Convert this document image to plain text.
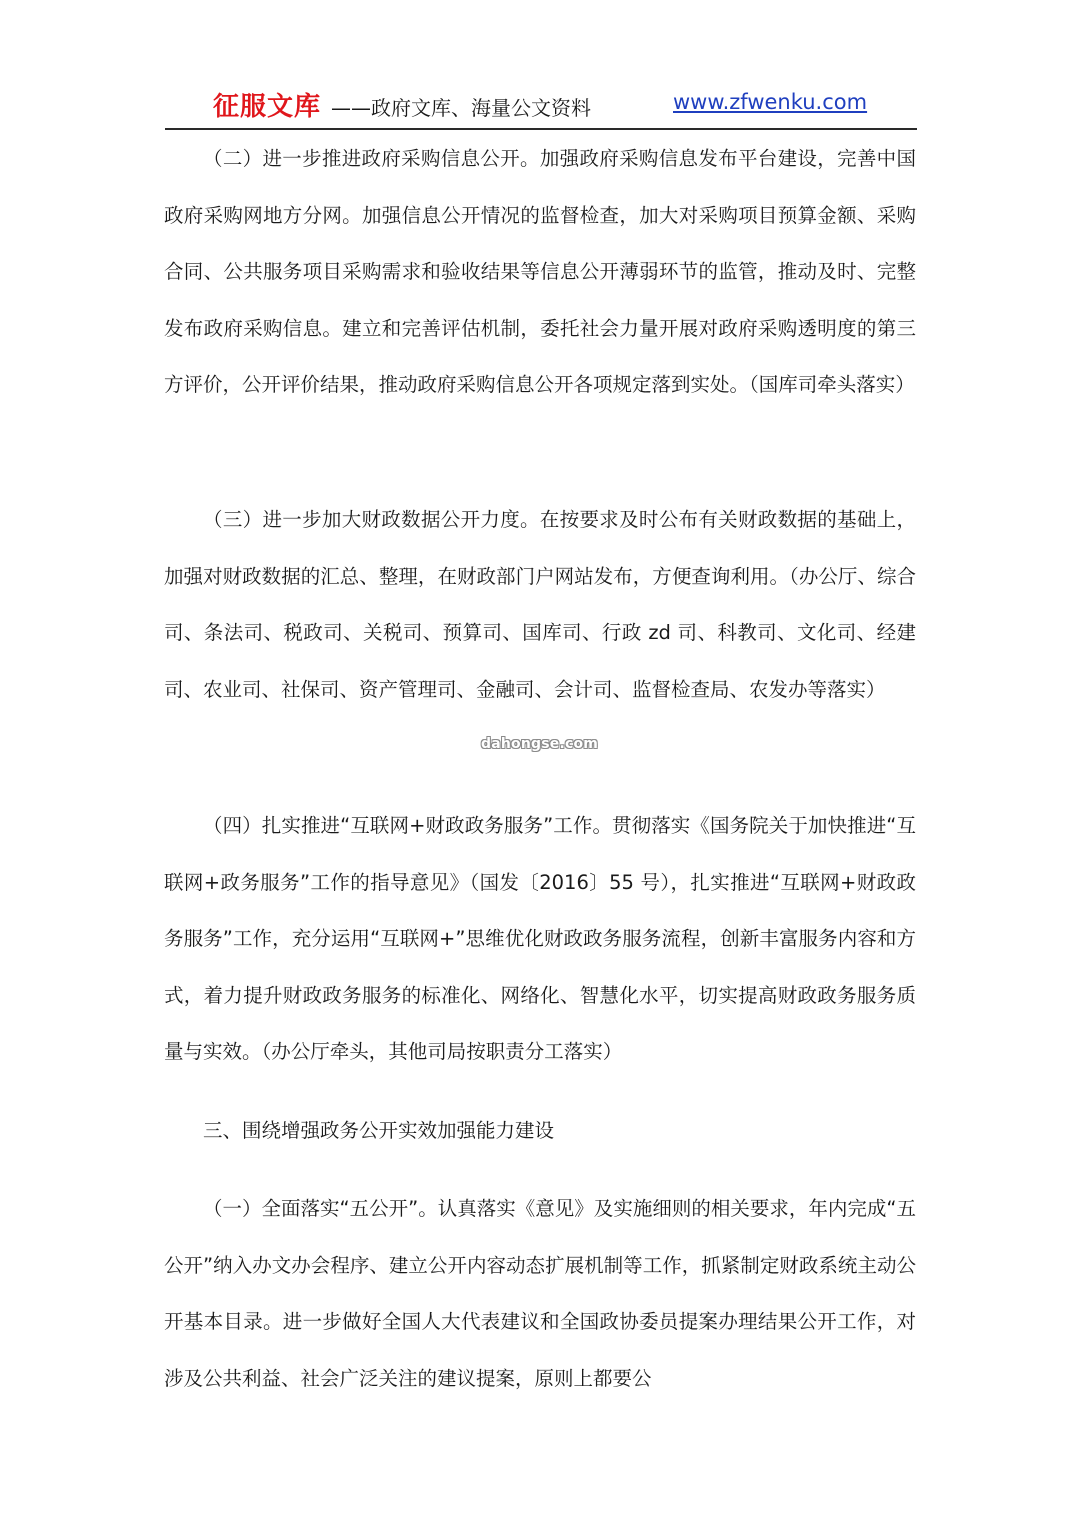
征服文库 ——政府文库、海量公文资料	www.zfwenku.com

（二）进一步推进政府采购信息公开。加强政府采购信息发布平台建设，完善中国政府采购网地方分网。加强信息公开情况的监督检查，加大对采购项目预算金额、采购合同、公共服务项目采购需求和验收结果等信息公开薄弱环节的监管，推动及时、完整发布政府采购信息。建立和完善评估机制，委托社会力量开展对政府采购透明度的第三方评价，公开评价结果，推动政府采购信息公开各项规定落到实处。（国库司牵头落实）

（三）进一步加大财政数据公开力度。在按要求及时公布有关财政数据的基础上，加强对财政数据的汇总、整理，在财政部门户网站发布，方便查询利用。（办公厅、综合司、条法司、税政司、关税司、预算司、国库司、行政 zd 司、科教司、文化司、经建司、农业司、社保司、资产管理司、金融司、会计司、监督检查局、农发办等落实）

（四）扎实推进“互联网+财政政务服务”工作。贯彻落实《国务院关于加快推进“互联网+政务服务”工作的指导意见》（国发〔2016〕55 号），扎实推进“互联网+财政政务服务”工作，充分运用“互联网+”思维优化财政政务服务流程，创新丰富服务内容和方式，着力提升财政政务服务的标准化、网络化、智慧化水平，切实提高财政政务服务质量与实效。（办公厅牵头，其他司局按职责分工落实）

三、围绕增强政务公开实效加强能力建设

（一）全面落实“五公开”。认真落实《意见》及实施细则的相关要求，年内完成“五公开”纳入办文办会程序、建立公开内容动态扩展机制等工作，抓紧制定财政系统主动公开基本目录。进一步做好全国人大代表建议和全国政协委员提案办理结果公开工作，对涉及公共利益、社会广泛关注的建议提案，原则上都要公

dahongse.com
